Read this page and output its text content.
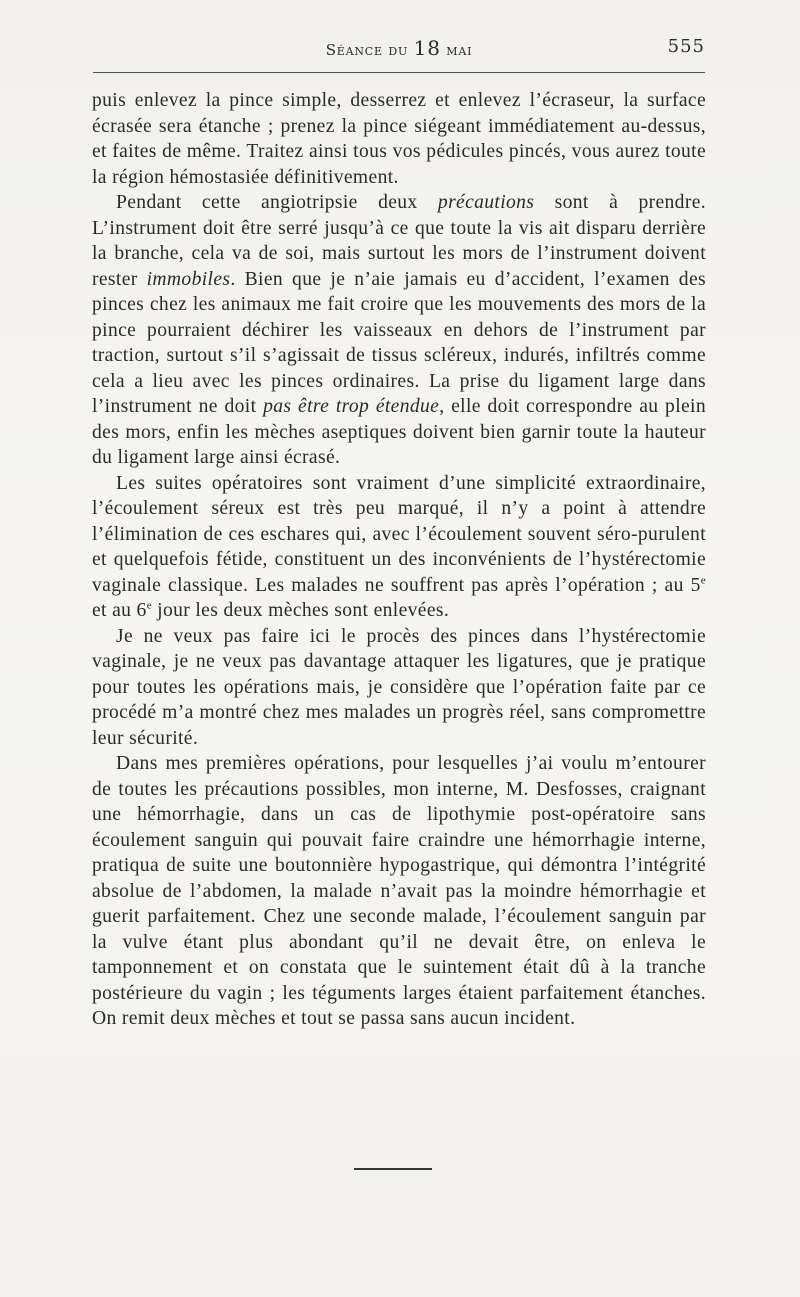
Séance du 18 mai	555

puis enlevez la pince simple, desserrez et enlevez l’écraseur, la surface écrasée sera étanche ; prenez la pince siégeant immédiatement au-dessus, et faites de même. Traitez ainsi tous vos pédicules pincés, vous aurez toute la région hémostasiée définitivement.

Pendant cette angiotripsie deux précautions sont à prendre. L’instrument doit être serré jusqu’à ce que toute la vis ait disparu derrière la branche, cela va de soi, mais surtout les mors de l’instrument doivent rester immobiles. Bien que je n’aie jamais eu d’accident, l’examen des pinces chez les animaux me fait croire que les mouvements des mors de la pince pourraient déchirer les vaisseaux en dehors de l’instrument par traction, surtout s’il s’agissait de tissus scléreux, indurés, infiltrés comme cela a lieu avec les pinces ordinaires. La prise du ligament large dans l’instrument ne doit pas être trop étendue, elle doit correspondre au plein des mors, enfin les mèches aseptiques doivent bien garnir toute la hauteur du ligament large ainsi écrasé.

Les suites opératoires sont vraiment d’une simplicité extraordinaire, l’écoulement séreux est très peu marqué, il n’y a point à attendre l’élimination de ces eschares qui, avec l’écoulement souvent séro-purulent et quelquefois fétide, constituent un des inconvénients de l’hystérectomie vaginale classique. Les malades ne souffrent pas après l’opération ; au 5e et au 6e jour les deux mèches sont enlevées.

Je ne veux pas faire ici le procès des pinces dans l’hystérectomie vaginale, je ne veux pas davantage attaquer les ligatures, que je pratique pour toutes les opérations mais, je considère que l’opération faite par ce procédé m’a montré chez mes malades un progrès réel, sans compromettre leur sécurité.

Dans mes premières opérations, pour lesquelles j’ai voulu m’entourer de toutes les précautions possibles, mon interne, M. Desfosses, craignant une hémorrhagie, dans un cas de lipothymie post-opératoire sans écoulement sanguin qui pouvait faire craindre une hémorrhagie interne, pratiqua de suite une boutonnière hypogastrique, qui démontra l’intégrité absolue de l’abdomen, la malade n’avait pas la moindre hémorrhagie et guerit parfaitement. Chez une seconde malade, l’écoulement sanguin par la vulve étant plus abondant qu’il ne devait être, on enleva le tamponnement et on constata que le suintement était dû à la tranche postérieure du vagin ; les téguments larges étaient parfaitement étanches. On remit deux mèches et tout se passa sans aucun incident.
